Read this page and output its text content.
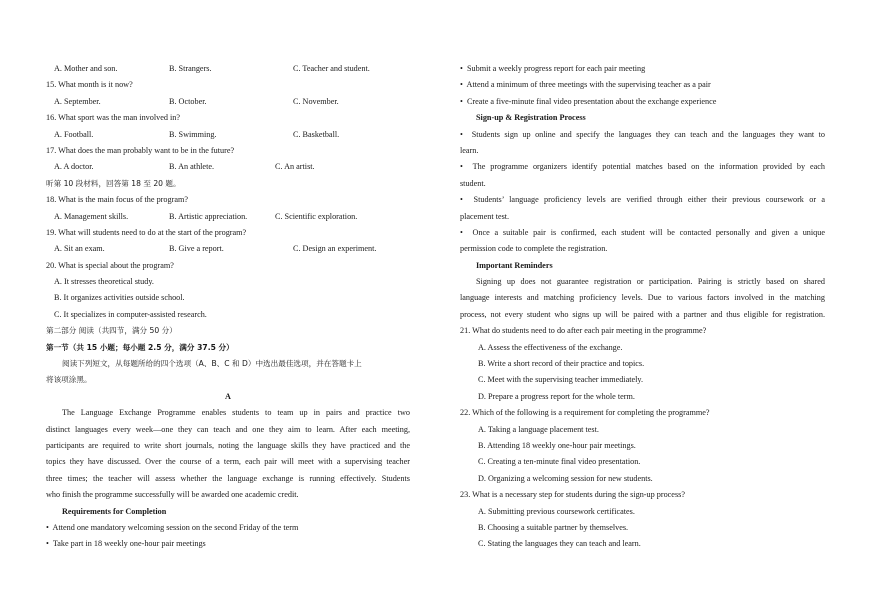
A. Mother and son.	B. Strangers.	C. Teacher and student.
15. What month is it now?
A. September.	B. October.	C. November.
16. What sport was the man involved in?
A. Football.	B. Swimming.	C. Basketball.
17. What does the man probably want to be in the future?
A. A doctor.	B. An athlete.	C. An artist.
听第 10 段材料，回答第 18 至 20 题。
18. What is the main focus of the program?
A. Management skills.	B. Artistic appreciation.	C. Scientific exploration.
19. What will students need to do at the start of the program?
A. Sit an exam.	B. Give a report.	C. Design an experiment.
20. What is special about the program?
A. It stresses theoretical study.
B. It organizes activities outside school.
C. It specializes in computer-assisted research.
第二部分 阅读（共四节，满分 50 分）
第一节（共 15 小题；每小题 2.5 分，满分 37.5 分）
阅读下列短文，从每题所给的四个选项（A、B、C 和 D）中选出最佳选项，并在答题卡上
将该项涂黑。
A
The Language Exchange Programme enables students to team up in pairs and practice two
distinct languages every week—one they can teach and one they aim to learn. After each meeting,
participants are required to write short journals, noting the language skills they have practiced and the
topics they have discussed. Over the course of a term, each pair will meet with a supervising teacher
three times; the teacher will assess whether the language exchange is running effectively. Students
who finish the programme successfully will be awarded one academic credit.
Requirements for Completion
• Attend one mandatory welcoming session on the second Friday of the term
• Take part in 18 weekly one-hour pair meetings
• Submit a weekly progress report for each pair meeting
• Attend a minimum of three meetings with the supervising teacher as a pair
• Create a five-minute final video presentation about the exchange experience
Sign-up & Registration Process
• Students sign up online and specify the languages they can teach and the languages they want to
learn.
• The programme organizers identify potential matches based on the information provided by each
student.
• Students’ language proficiency levels are verified through either their previous coursework or a
placement test.
• Once a suitable pair is confirmed, each student will be contacted personally and given a unique
permission code to complete the registration.
Important Reminders
Signing up does not guarantee registration or participation. Pairing is strictly based on shared
language interests and matching proficiency levels. Due to various factors involved in the matching
process, not every student who signs up will be paired with a partner and thus eligible for registration.
21. What do students need to do after each pair meeting in the programme?
A. Assess the effectiveness of the exchange.
B. Write a short record of their practice and topics.
C. Meet with the supervising teacher immediately.
D. Prepare a progress report for the whole term.
22. Which of the following is a requirement for completing the programme?
A. Taking a language placement test.
B. Attending 18 weekly one-hour pair meetings.
C. Creating a ten-minute final video presentation.
D. Organizing a welcoming session for new students.
23. What is a necessary step for students during the sign-up process?
A. Submitting previous coursework certificates.
B. Choosing a suitable partner by themselves.
C. Stating the languages they can teach and learn.
